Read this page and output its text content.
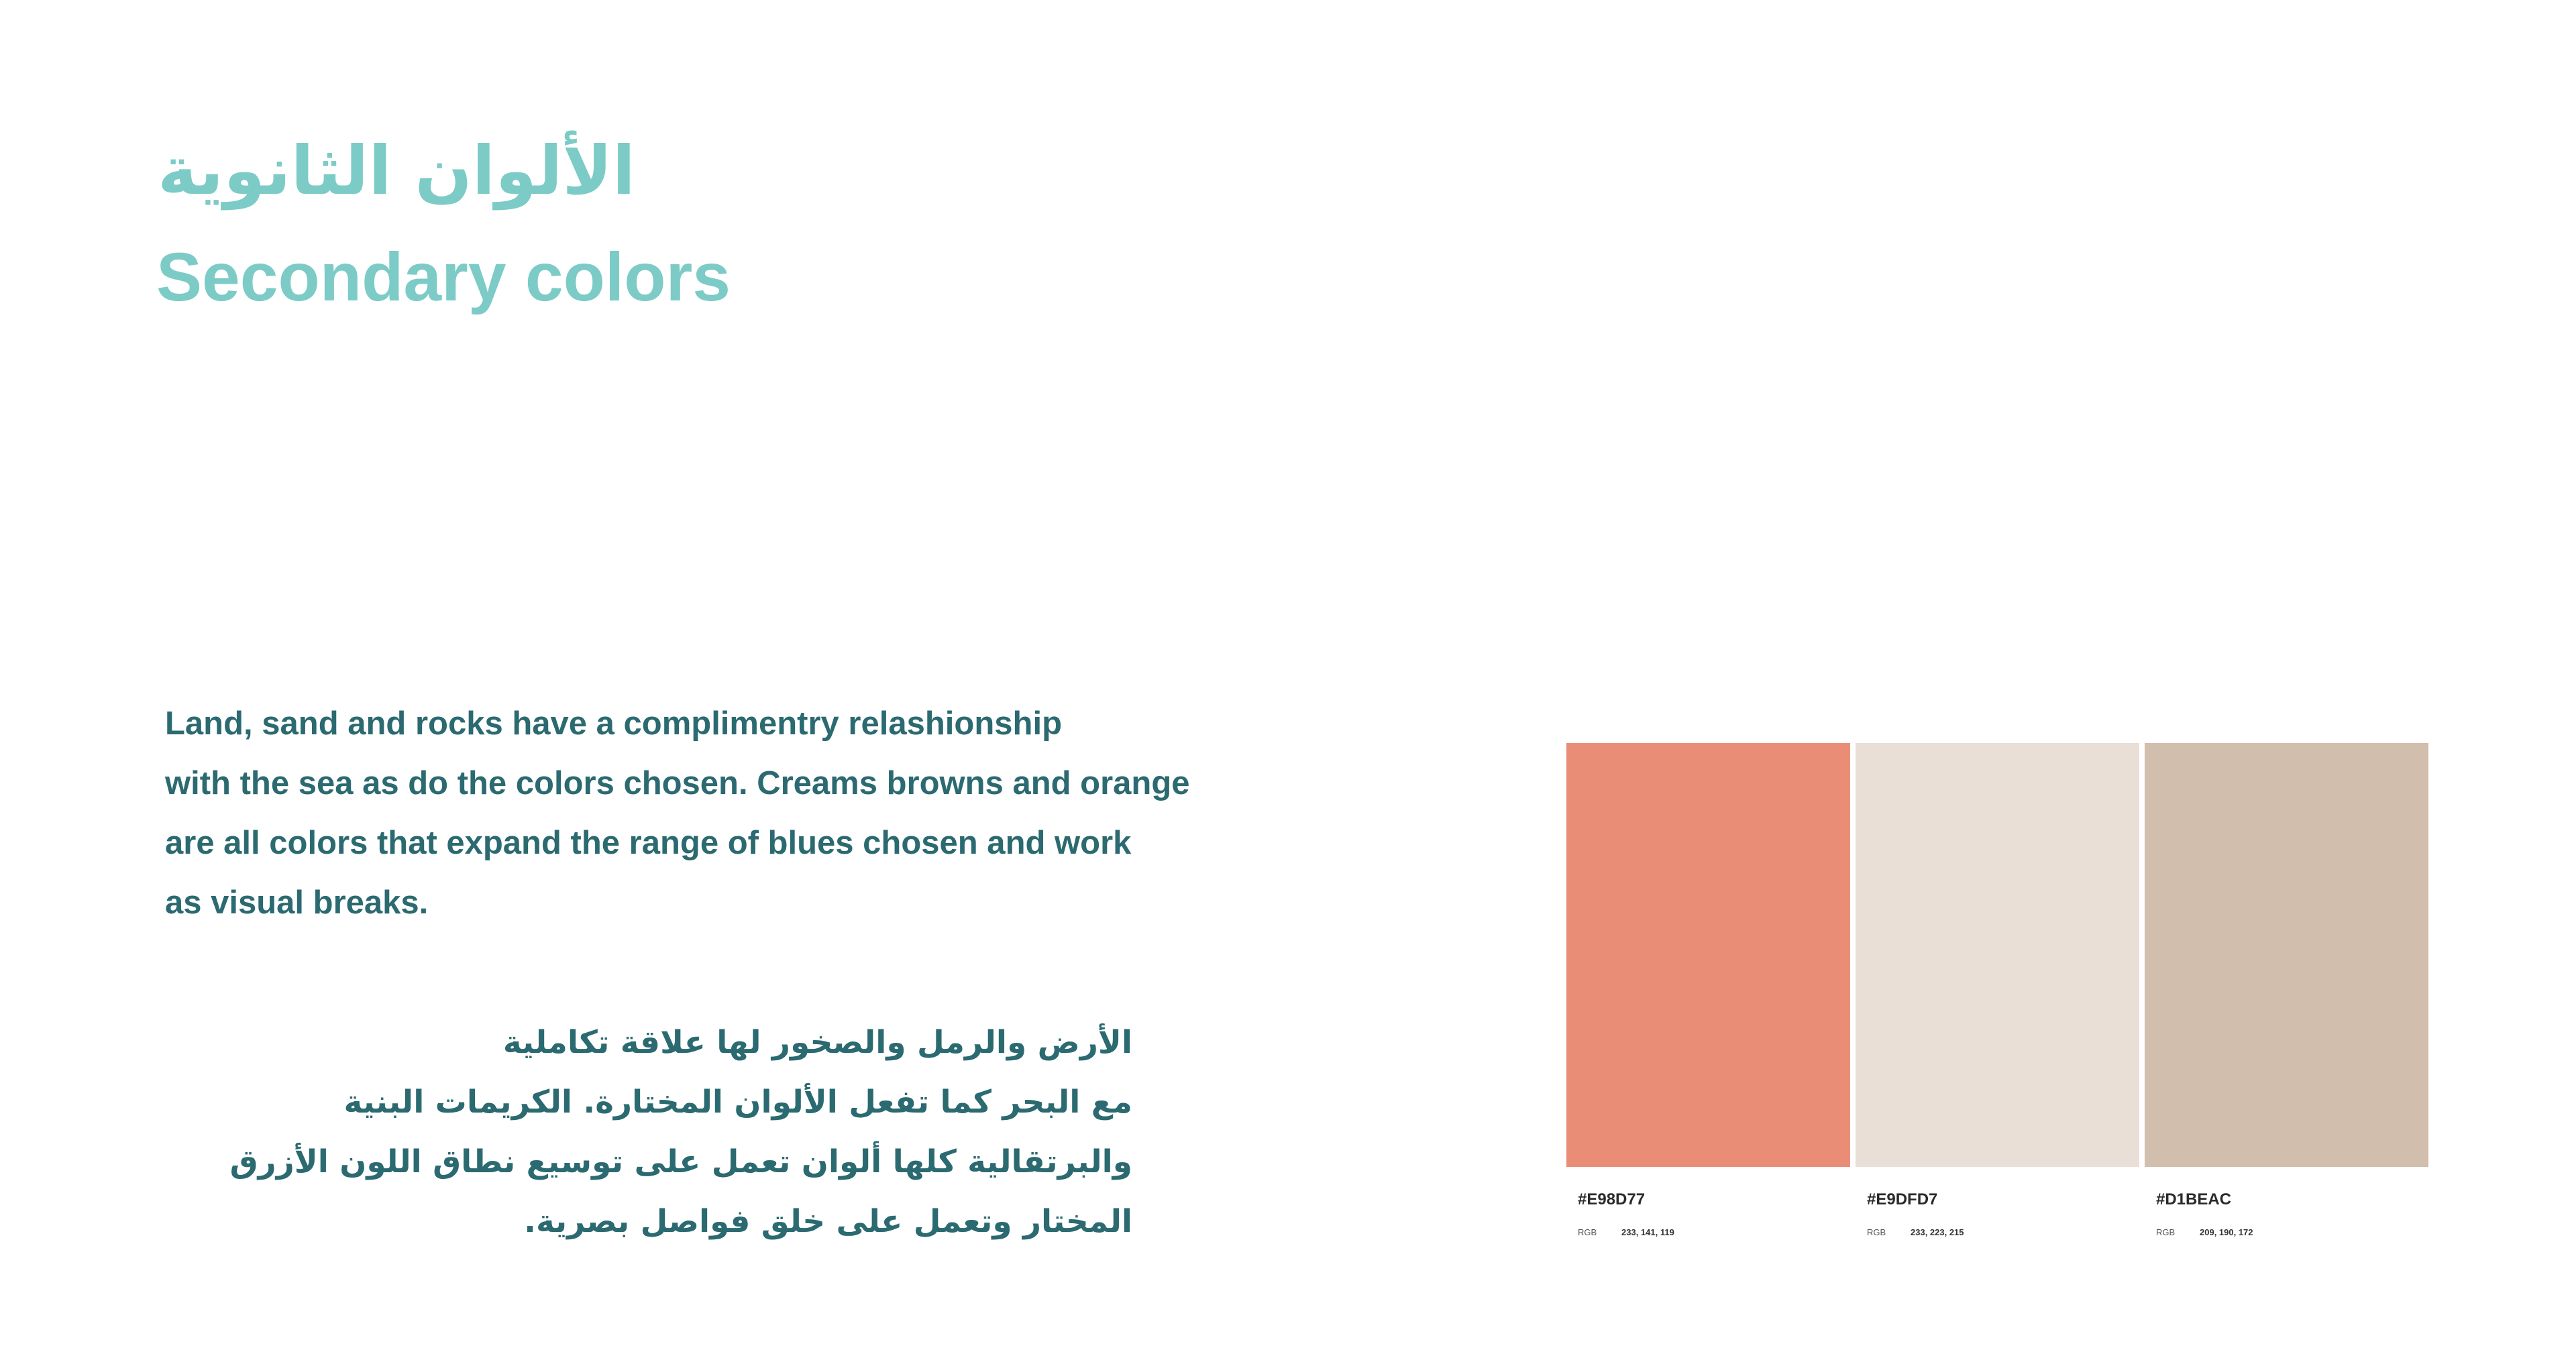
الألوان الثانوية
Secondary colors
Land, sand and rocks have a complimentry relashionship
with the sea as do the colors chosen. Creams browns and orange
are all colors that expand the range of blues chosen and work
as visual breaks.
الأرض والرمل والصخور لها علاقة تكاملية
مع البحر كما تفعل الألوان المختارة. الكريمات البنية
والبرتقالية كلها ألوان تعمل على توسيع نطاق اللون الأزرق
المختار وتعمل على خلق فواصل بصرية.
#E98D77
RGB	233, 141, 119
#E9DFD7
RGB	233, 223, 215
#D1BEAC
RGB	209, 190, 172
